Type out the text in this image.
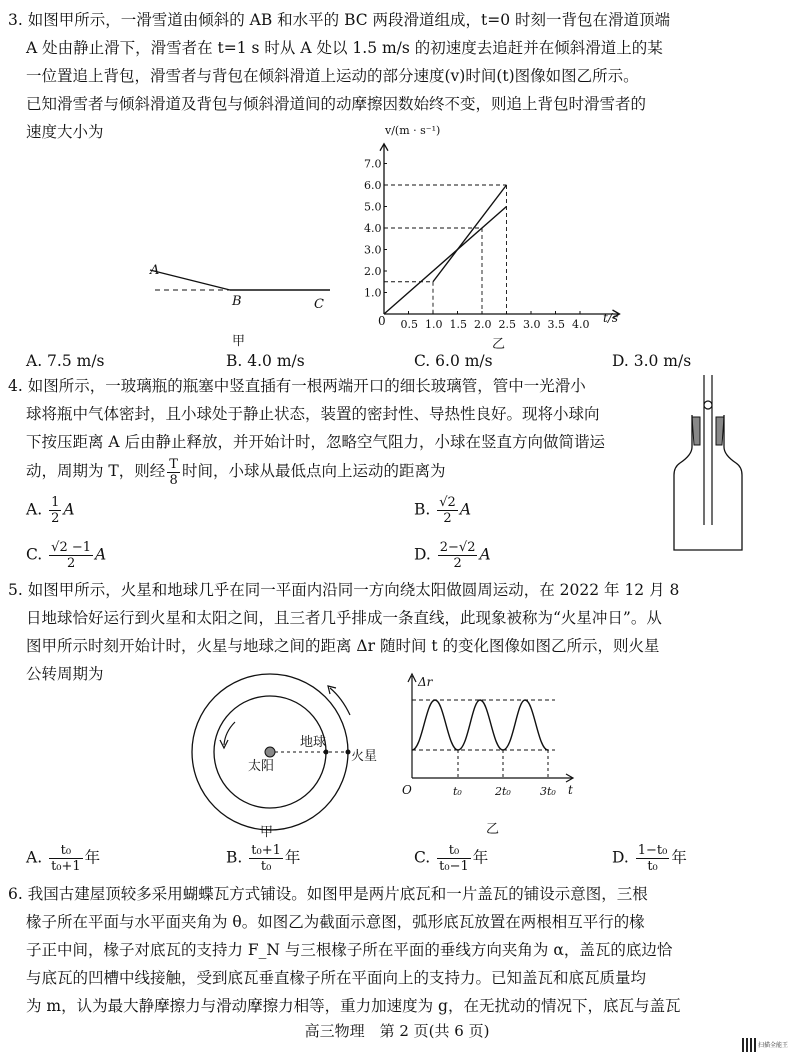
3. 如图甲所示，一滑雪道由倾斜的 AB 和水平的 BC 两段滑道组成，t=0 时刻一背包在滑道顶端
A 处由静止滑下，滑雪者在 t=1 s 时从 A 处以 1.5 m/s 的初速度去追赶并在倾斜滑道上的某
一位置追上背包，滑雪者与背包在倾斜滑道上运动的部分速度(v)时间(t)图像如图乙所示。
已知滑雪者与倾斜滑道及背包与倾斜滑道间的动摩擦因数始终不变，则追上背包时滑雪者的
速度大小为
A
B	C
甲
0.5 1.0 1.5 2.0 2.5 3.0 3.5 4.0
1.0
2.0
3.0
4.0
5.0
6.0
7.0
v/(m · s⁻¹)
t/s
0
乙
A. 7.5 m/s	B. 4.0 m/s	C. 6.0 m/s	D. 3.0 m/s
4. 如图所示，一玻璃瓶的瓶塞中竖直插有一根两端开口的细长玻璃管，管中一光滑小
球将瓶中气体密封，且小球处于静止状态，装置的密封性、导热性良好。现将小球向
下按压距离 A 后由静止释放，并开始计时，忽略空气阻力，小球在竖直方向做简谐运
动，周期为 T，则经 $\frac{T}{8}$ 时间，小球从最低点向上运动的距离为
A. $\frac{1}{2}$ A	B. $\frac{√2}{2}$ A
C. $\frac{√2 -1}{2}$ A	D. $\frac{2-√2}{2}$ A
5. 如图甲所示，火星和地球几乎在同一平面内沿同一方向绕太阳做圆周运动，在 2022 年 12 月 8
日地球恰好运行到火星和太阳之间，且三者几乎排成一条直线，此现象被称为“火星冲日”。从
图甲所示时刻开始计时，火星与地球之间的距离 Δr 随时间 t 的变化图像如图乙所示，则火星
公转周期为
太阳
地球
火星
甲
Δr
t
O	t₀	2t₀	3t₀
乙
A. $\frac{\text{t₀}}{\text{t₀+1}}$ 年	B. $\frac{\text{t₀+1}}{\text{t₀}}$ 年	C. $\frac{\text{t₀}}{\text{t₀−1}}$ 年	D. $\frac{\text{1−t₀}}{\text{t₀}}$ 年
6. 我国古建屋顶较多采用蝴蝶瓦方式铺设。如图甲是两片底瓦和一片盖瓦的铺设示意图，三根
椽子所在平面与水平面夹角为 θ。如图乙为截面示意图，弧形底瓦放置在两根相互平行的椽
子正中间，椽子对底瓦的支持力 F_N 与三根椽子所在平面的垂线方向夹角为 α，盖瓦的底边恰
与底瓦的凹槽中线接触，受到底瓦垂直椽子所在平面向上的支持力。已知盖瓦和底瓦质量均
为 m，认为最大静摩擦力与滑动摩擦力相等，重力加速度为 g，在无扰动的情况下，底瓦与盖瓦
高三物理　第 2 页(共 6 页)
扫描全能王
